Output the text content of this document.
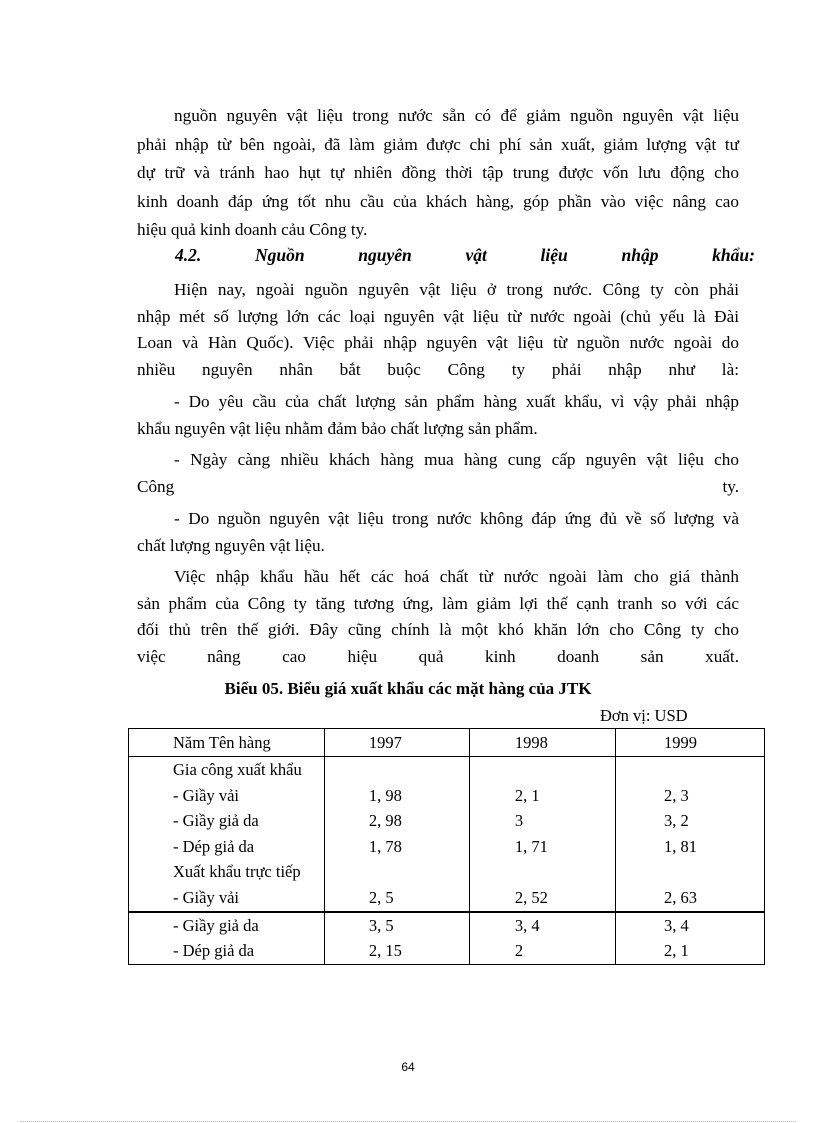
nguồn nguyên vật liệu trong nước sẵn có để giảm nguồn nguyên vật liệu
phải nhập từ bên ngoài, đã làm giảm được chi phí sản xuất, giảm lượng vật tư
dự trữ và tránh hao hụt tự nhiên đồng thời tập trung được vốn lưu động cho
kinh doanh đáp ứng tốt nhu cầu của khách hàng, góp phần vào việc nâng cao
hiệu quả kinh doanh cảu Công ty.
4.2.	Nguồn	nguyên	vật	liệu	nhập	khẩu:
Hiện nay, ngoài nguồn nguyên vật liệu ở trong nước. Công ty còn phải
nhập mét số lượng lớn các loại nguyên vật liệu từ nước ngoài (chủ yếu là Đài
Loan và Hàn Quốc). Việc phải nhập nguyên vật liệu từ nguồn nước ngoài do
nhiều nguyên nhân bắt buộc Công ty phải nhập như là:
- Do yêu cầu của chất lượng sản phẩm hàng xuất khẩu, vì vậy phải nhập
khẩu nguyên vật liệu nhằm đảm bảo chất lượng sản phẩm.
- Ngày càng nhiều khách hàng mua hàng cung cấp nguyên vật liệu cho
Công	ty.
- Do nguồn nguyên vật liệu trong nước không đáp ứng đủ về số lượng và
chất lượng nguyên vật liệu.
Việc nhập khẩu hầu hết các hoá chất từ nước ngoài làm cho giá thành
sản phẩm của Công ty tăng tương ứng, làm giảm lợi thế cạnh tranh so với các
đối thủ trên thế giới. Đây cũng chính là một khó khăn lớn cho Công ty cho
việc nâng cao hiệu quả kinh doanh sản xuất.
Biểu 05. Biểu giá xuất khẩu các mặt hàng của JTK
Đơn vị: USD
Năm Tên hàng	1997	1998	1999
Gia công xuất khẩu			
- Giầy vải	1, 98	2, 1	2, 3
- Giầy giả da	2, 98	3	3, 2
- Dép giả da	1, 78	1, 71	1, 81
Xuất khẩu trực tiếp			
- Giầy vải	2, 5	2, 52	2, 63
- Giầy giả da	3, 5	3, 4	3, 4
- Dép giả da	2, 15	2	2, 1
64
